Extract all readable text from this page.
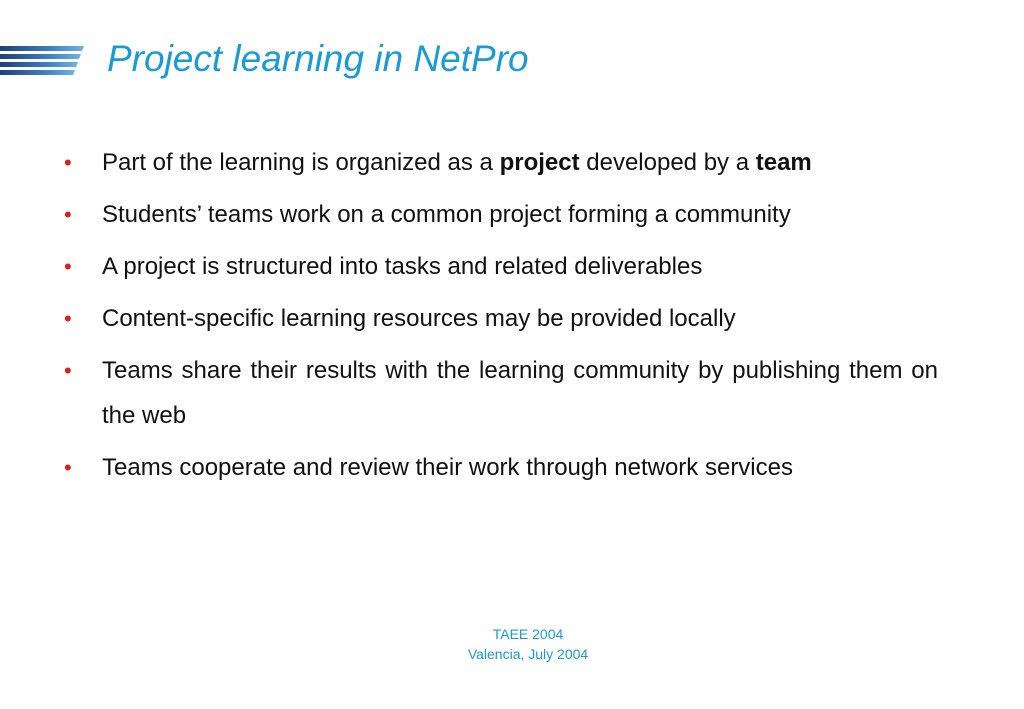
Project learning in NetPro
• Part of the learning is organized as a project developed by a team
• Students’ teams work on a common project forming a community
• A project is structured into tasks and related deliverables
• Content-specific learning resources may be provided locally
• Teams share their results with the learning community by publishing them on the web
• Teams cooperate and review their work through network services
TAEE 2004
Valencia, July 2004
